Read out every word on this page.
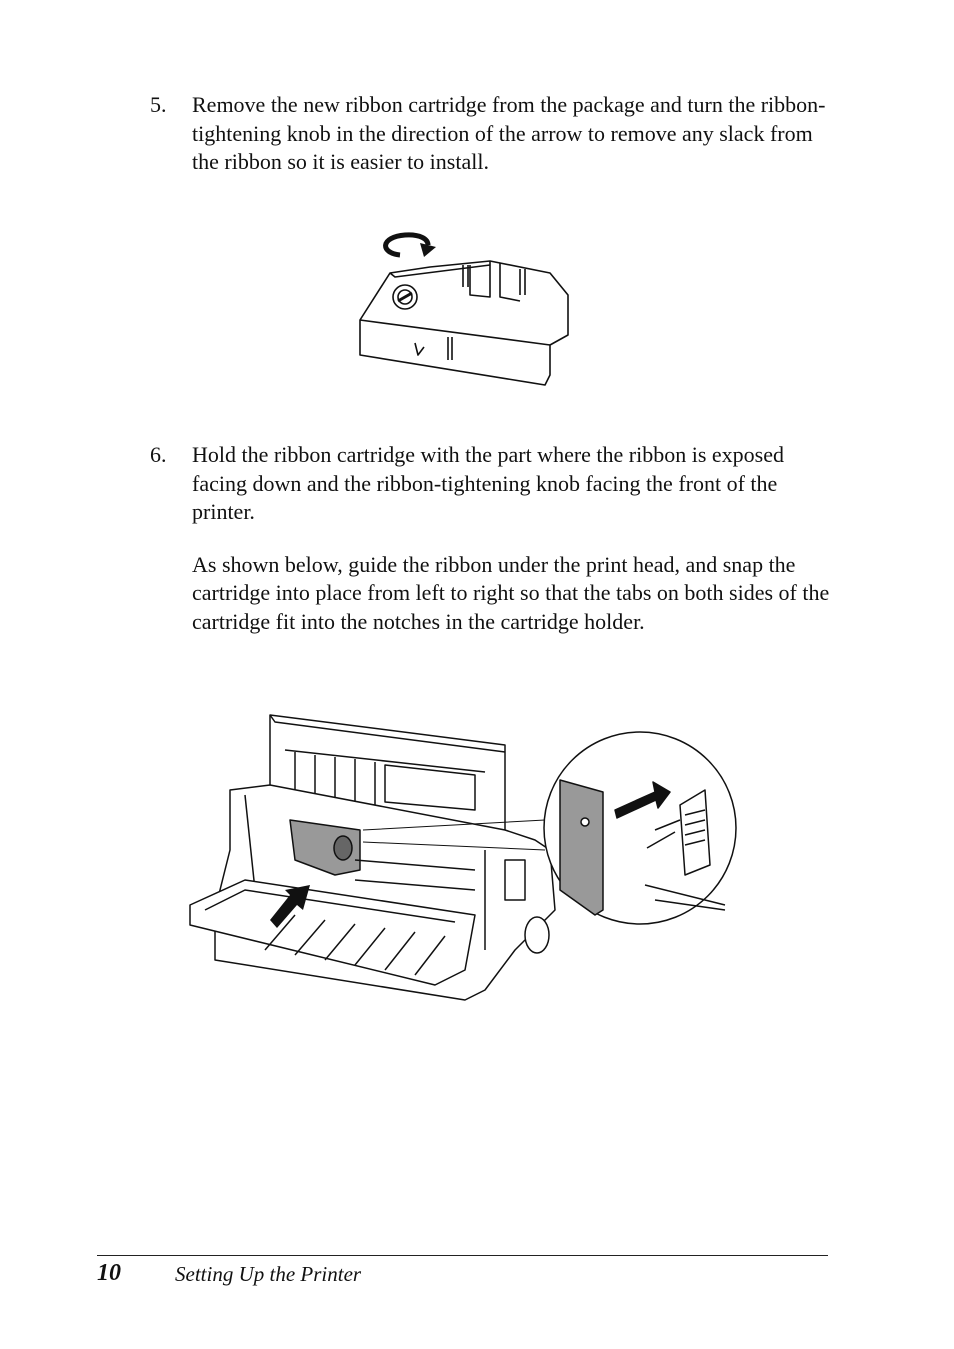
5. Remove the new ribbon cartridge from the package and turn the ribbon-tightening knob in the direction of the arrow to remove any slack from the ribbon so it is easier to install.

6. Hold the ribbon cartridge with the part where the ribbon is exposed facing down and the ribbon-tightening knob facing the front of the printer.

As shown below, guide the ribbon under the print head, and snap the cartridge into place from left to right so that the tabs on both sides of the cartridge fit into the notches in the cartridge holder.

10	Setting Up the Printer
